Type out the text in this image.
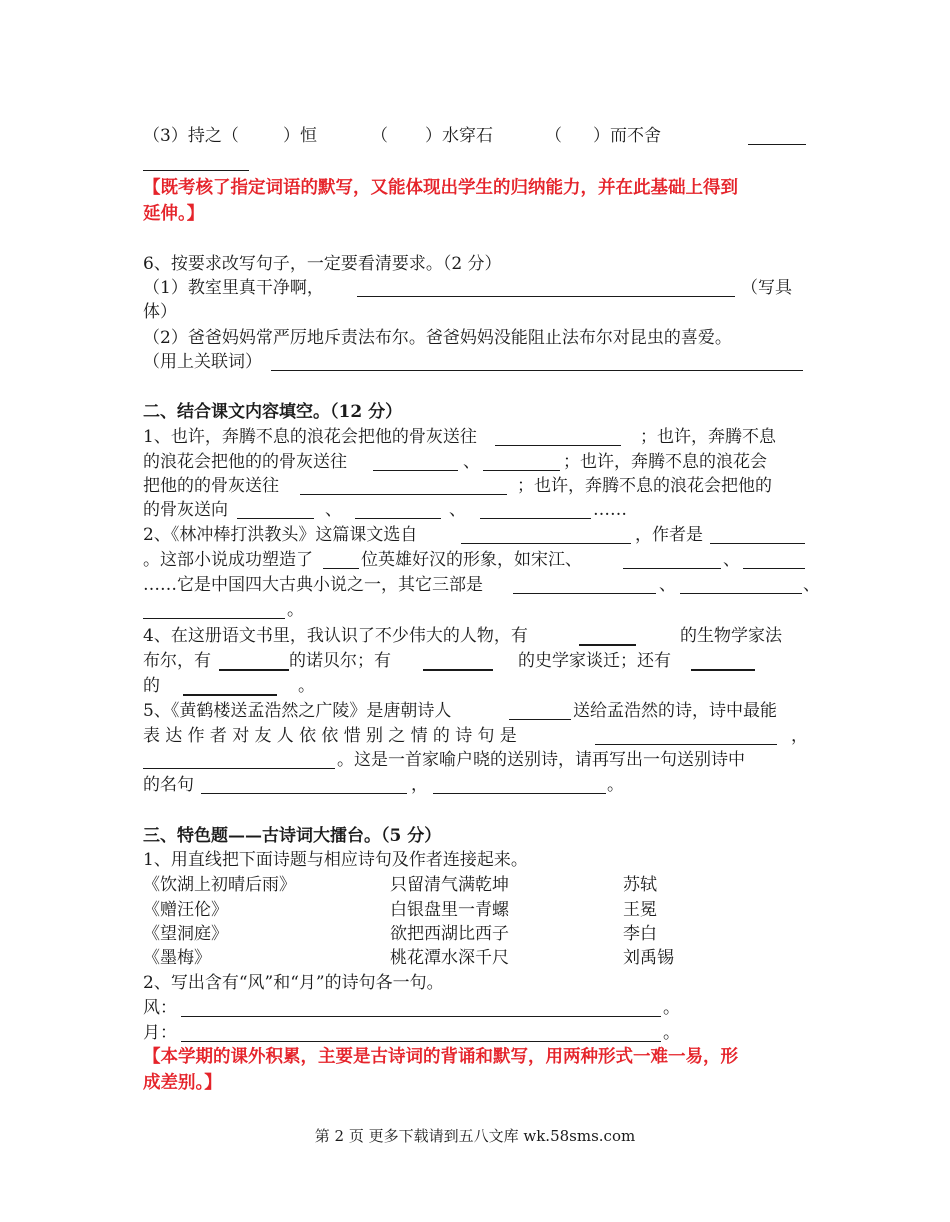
（3）持之（	）恒	（ ）水穿石	（ ）而不舍
【既考核了指定词语的默写，又能体现出学生的归纳能力，并在此基础上得到
延伸。】
6、按要求改写句子，一定要看清要求。（2 分）
（1）教室里真干净啊，	（写具
体）
（2）爸爸妈妈常严厉地斥责法布尔。爸爸妈妈没能阻止法布尔对昆虫的喜爱。
（用上关联词）
二、结合课文内容填空。（12 分）
1、也许，奔腾不息的浪花会把他的骨灰送往	；也许，奔腾不息
的浪花会把他的的骨灰送往	、	；也许，奔腾不息的浪花会
把他的的骨灰送往	；也许，奔腾不息的浪花会把他的
的骨灰送向	、	、	……
2、《林冲棒打洪教头》这篇课文选自	，作者是
。这部小说成功塑造了	位英雄好汉的形象，如宋江、	、
……它是中国四大古典小说之一，其它三部是	、	、
。
4、在这册语文书里，我认识了不少伟大的人物，有	的生物学家法
布尔，有	的诺贝尔；有	的史学家谈迁；还有
的	。
5、《黄鹤楼送孟浩然之广陵》是唐朝诗人	送给孟浩然的诗，诗中最能
表达作者对友人依依惜别之情的诗句是	，
。这是一首家喻户晓的送别诗，请再写出一句送别诗中
的名句	，	。
三、特色题——古诗词大擂台。（5 分）
1、用直线把下面诗题与相应诗句及作者连接起来。
《饮湖上初晴后雨》	只留清气满乾坤	苏轼
《赠汪伦》	白银盘里一青螺	王冕
《望洞庭》	欲把西湖比西子	李白
《墨梅》	桃花潭水深千尺	刘禹锡
2、写出含有“风”和“月”的诗句各一句。
风：	。
月：	。
【本学期的课外积累，主要是古诗词的背诵和默写，用两种形式一难一易，形
成差别。】
第 2 页 更多下载请到五八文库 wk.58sms.com
